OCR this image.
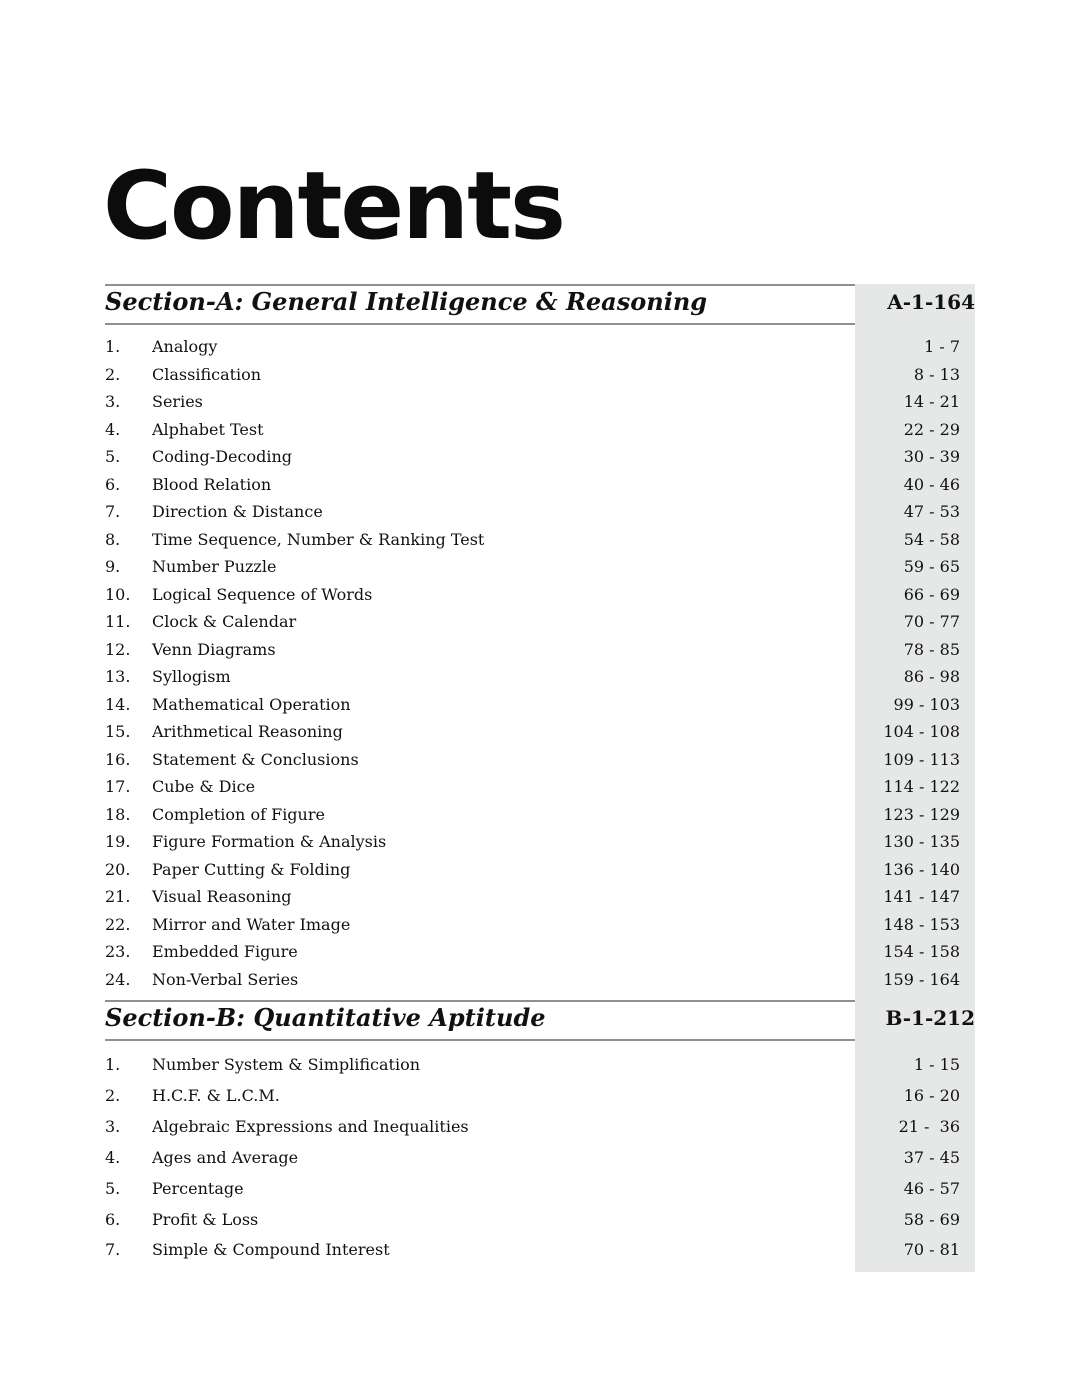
Contents
Section-A: General Intelligence & Reasoning	A-1-164
1. Analogy	1 - 7
2. Classification	8 - 13
3. Series	14 - 21
4. Alphabet Test	22 - 29
5. Coding-Decoding	30 - 39
6. Blood Relation	40 - 46
7. Direction & Distance	47 - 53
8. Time Sequence, Number & Ranking Test	54 - 58
9. Number Puzzle	59 - 65
10. Logical Sequence of Words	66 - 69
11. Clock & Calendar	70 - 77
12. Venn Diagrams	78 - 85
13. Syllogism	86 - 98
14. Mathematical Operation	99 - 103
15. Arithmetical Reasoning	104 - 108
16. Statement & Conclusions	109 - 113
17. Cube & Dice	114 - 122
18. Completion of Figure	123 - 129
19. Figure Formation & Analysis	130 - 135
20. Paper Cutting & Folding	136 - 140
21. Visual Reasoning	141 - 147
22. Mirror and Water Image	148 - 153
23. Embedded Figure	154 - 158
24. Non-Verbal Series	159 - 164
Section-B: Quantitative Aptitude	B-1-212
1. Number System & Simplification	1 - 15
2. H.C.F. & L.C.M.	16 - 20
3. Algebraic Expressions and Inequalities	21 -  36
4. Ages and Average	37 - 45
5. Percentage	46 - 57
6. Profit & Loss	58 - 69
7. Simple & Compound Interest	70 - 81
